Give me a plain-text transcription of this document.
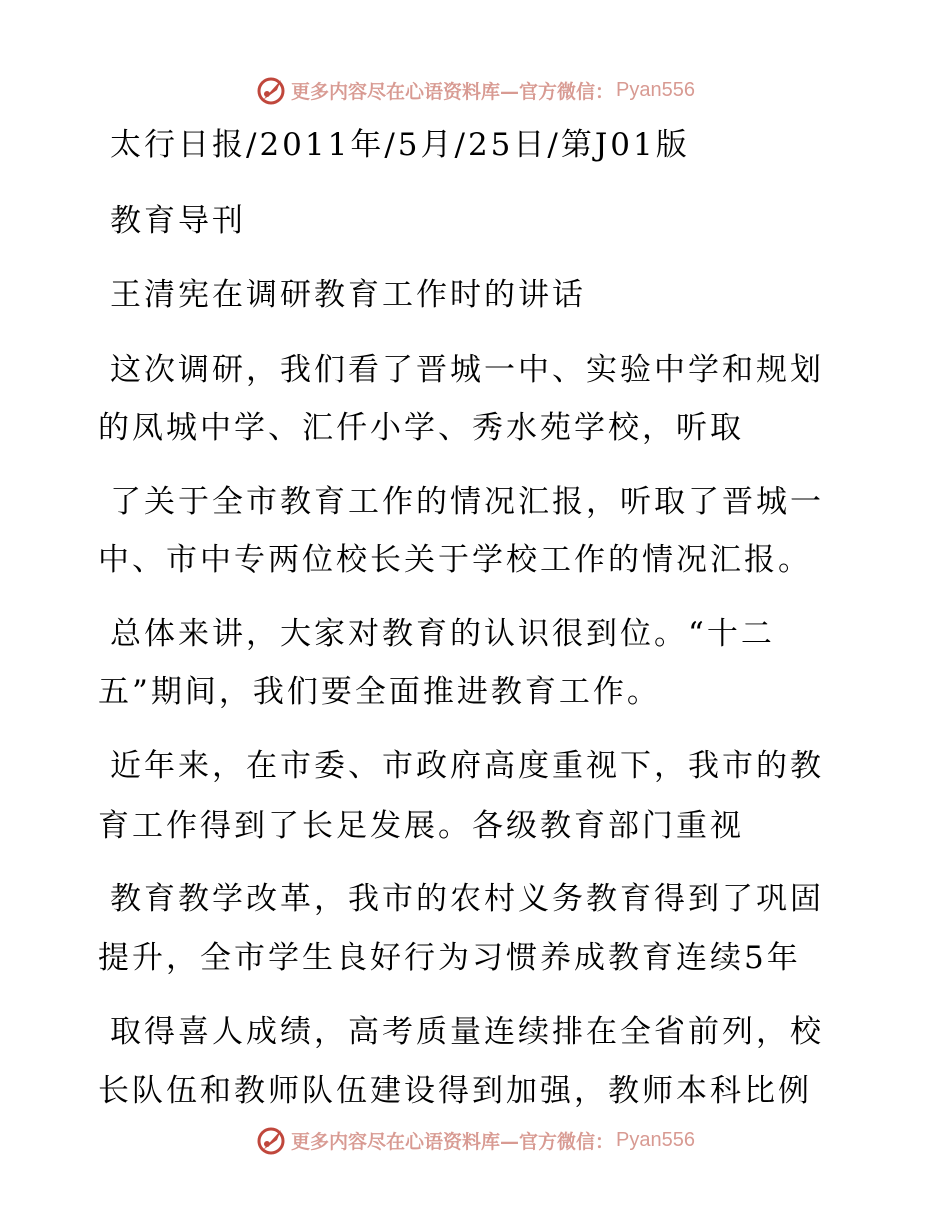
更多内容尽在心语资料库—官方微信： Pyan556
太行日报/2011年/5月/25日/第J01版
教育导刊
王清宪在调研教育工作时的讲话
这次调研，我们看了晋城一中、实验中学和规划
的凤城中学、汇仟小学、秀水苑学校，听取
了关于全市教育工作的情况汇报，听取了晋城一
中、市中专两位校长关于学校工作的情况汇报。
总体来讲，大家对教育的认识很到位。“十二
五”期间，我们要全面推进教育工作。
近年来，在市委、市政府高度重视下，我市的教
育工作得到了长足发展。各级教育部门重视
教育教学改革，我市的农村义务教育得到了巩固
提升，全市学生良好行为习惯养成教育连续5年
取得喜人成绩，高考质量连续排在全省前列，校
长队伍和教师队伍建设得到加强，教师本科比例
更多内容尽在心语资料库—官方微信： Pyan556
